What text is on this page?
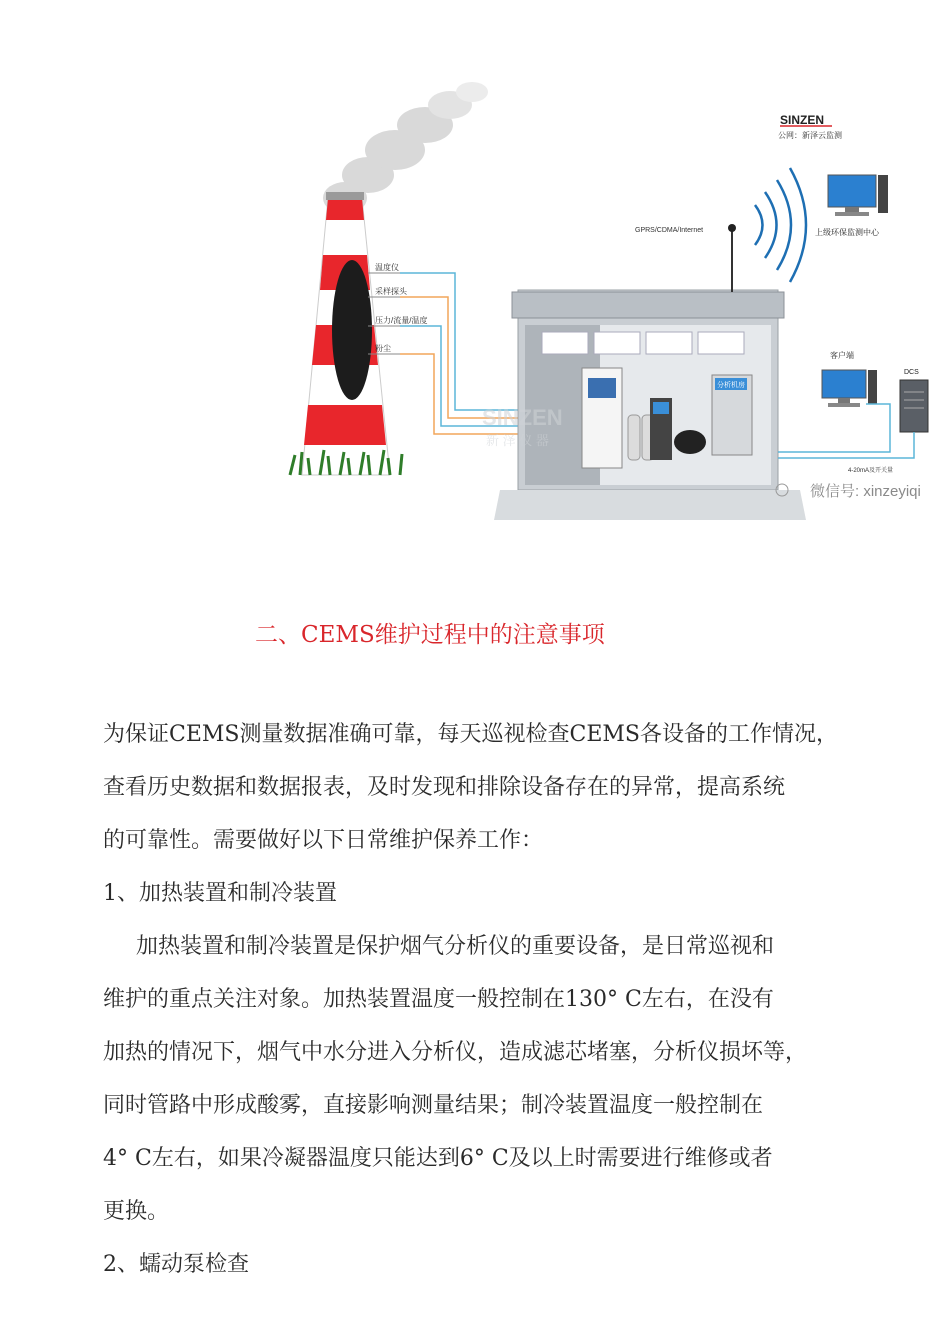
温度仪
采样探头
压力/流量/温度
粉尘
分析机房
GPRS/CDMA/Internet
SINZEN
公网：新泽云监测
上级环保监测中心
客户端
DCS
4-20mA及开关量
SINZEN
新 泽 仪 器
微信号: xinzeyiqi
二、CEMS维护过程中的注意事项
为保证CEMS测量数据准确可靠，每天巡视检查CEMS各设备的工作情况，
查看历史数据和数据报表，及时发现和排除设备存在的异常，提高系统
的可靠性。需要做好以下日常维护保养工作：
1、加热装置和制冷装置
加热装置和制冷装置是保护烟气分析仪的重要设备，是日常巡视和
维护的重点关注对象。加热装置温度一般控制在130° C左右，在没有
加热的情况下，烟气中水分进入分析仪，造成滤芯堵塞，分析仪损坏等，
同时管路中形成酸雾，直接影响测量结果；制冷装置温度一般控制在
4° C左右，如果冷凝器温度只能达到6° C及以上时需要进行维修或者
更换。
2、蠕动泵检查
